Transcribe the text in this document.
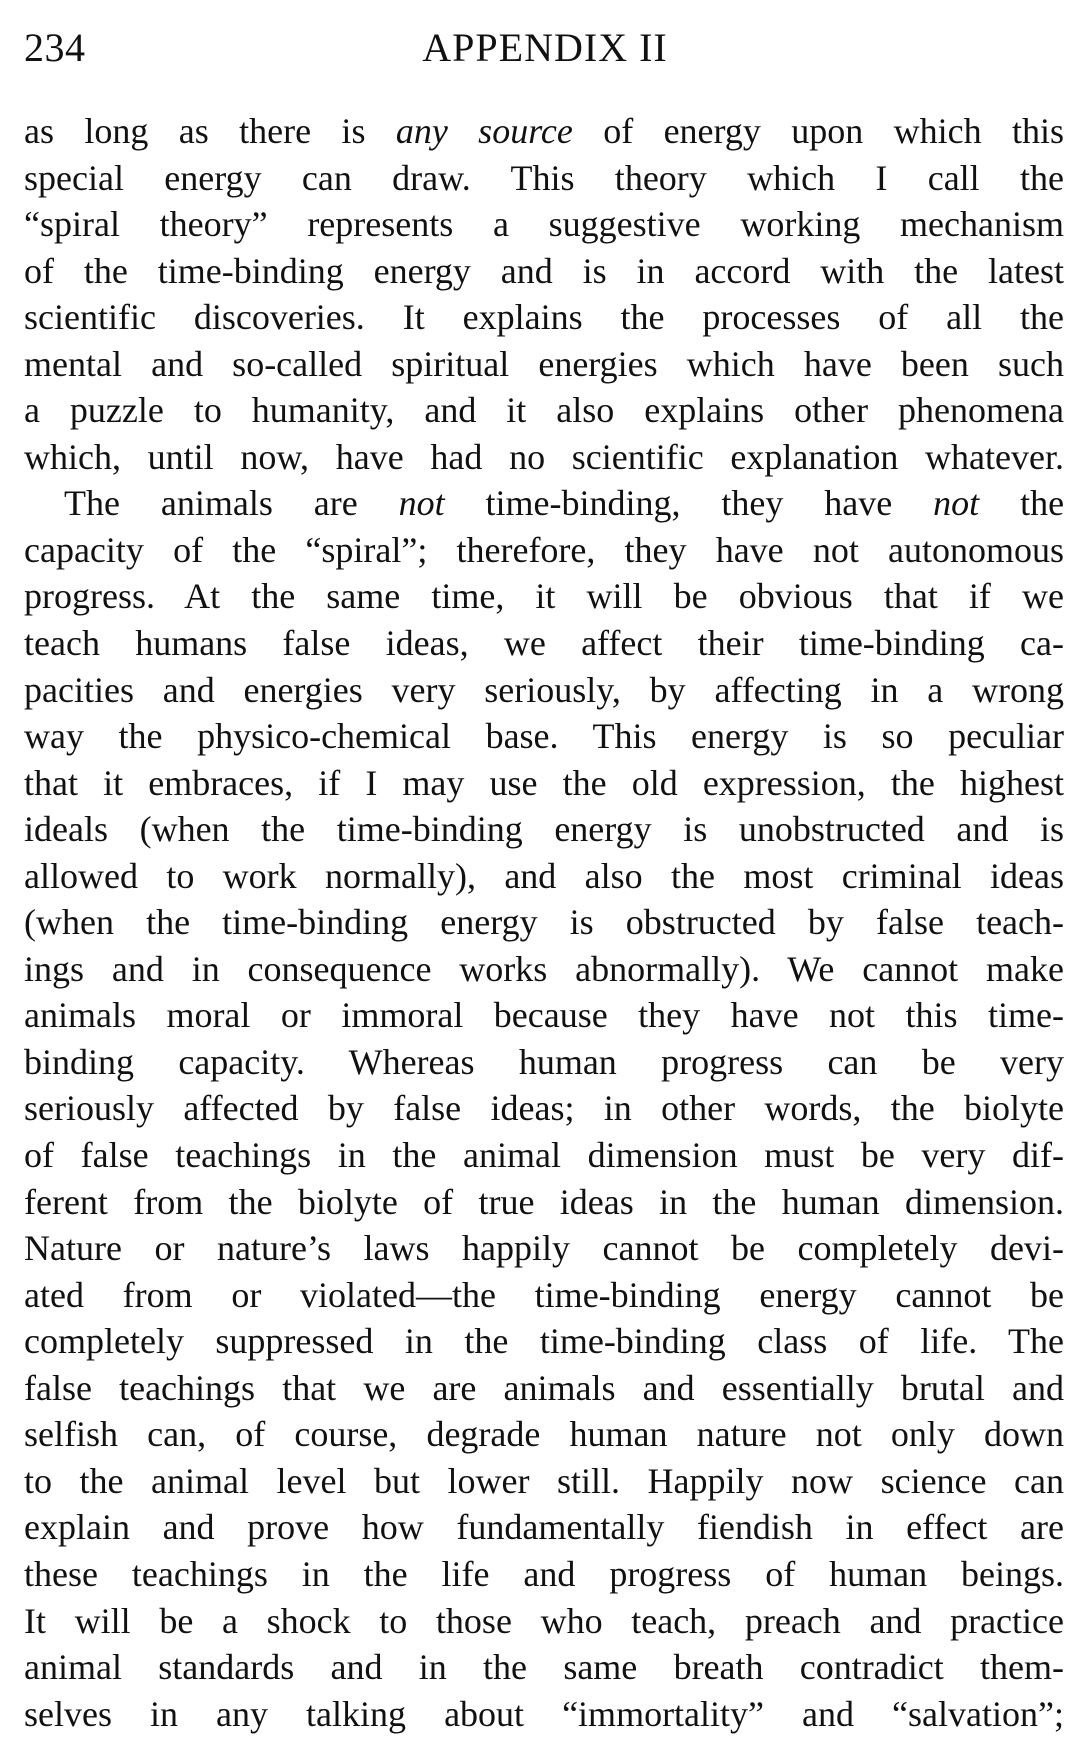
234	APPENDIX II
as long as there is any source of energy upon which this
special energy can draw. This theory which I call the
“spiral theory” represents a suggestive working mechanism
of the time-binding energy and is in accord with the latest
scientific discoveries. It explains the processes of all the
mental and so-called spiritual energies which have been such
a puzzle to humanity, and it also explains other phenomena
which, until now, have had no scientific explanation whatever.
The animals are not time-binding, they have not the
capacity of the “spiral”; therefore, they have not autonomous
progress. At the same time, it will be obvious that if we
teach humans false ideas, we affect their time-binding ca-
pacities and energies very seriously, by affecting in a wrong
way the physico-chemical base. This energy is so peculiar
that it embraces, if I may use the old expression, the highest
ideals (when the time-binding energy is unobstructed and is
allowed to work normally), and also the most criminal ideas
(when the time-binding energy is obstructed by false teach-
ings and in consequence works abnormally). We cannot make
animals moral or immoral because they have not this time-
binding capacity. Whereas human progress can be very
seriously affected by false ideas; in other words, the biolyte
of false teachings in the animal dimension must be very dif-
ferent from the biolyte of true ideas in the human dimension.
Nature or nature’s laws happily cannot be completely devi-
ated from or violated—the time-binding energy cannot be
completely suppressed in the time-binding class of life. The
false teachings that we are animals and essentially brutal and
selfish can, of course, degrade human nature not only down
to the animal level but lower still. Happily now science can
explain and prove how fundamentally fiendish in effect are
these teachings in the life and progress of human beings.
It will be a shock to those who teach, preach and practice
animal standards and in the same breath contradict them-
selves in any talking about “immortality” and “salvation”;
